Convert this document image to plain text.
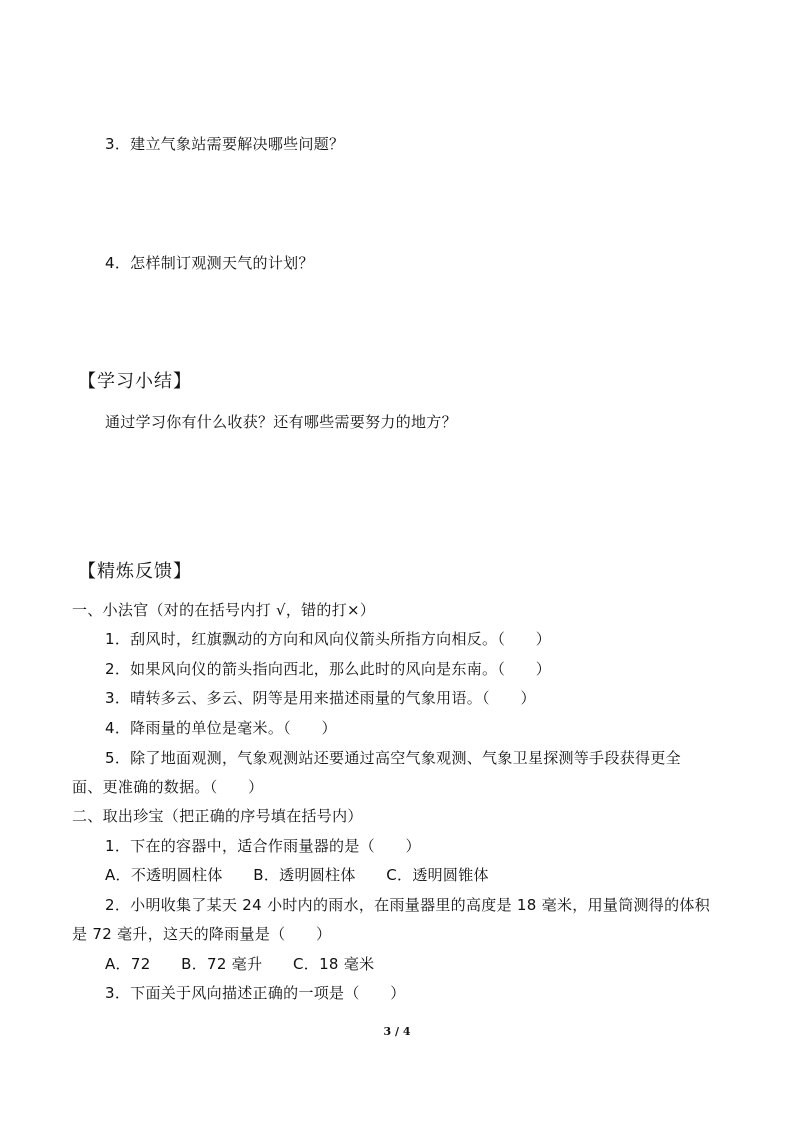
3．建立气象站需要解决哪些问题？
4．怎样制订观测天气的计划？
【学习小结】
通过学习你有什么收获？还有哪些需要努力的地方？
【精炼反馈】
一、小法官（对的在括号内打 √，错的打×）
1．刮风时，红旗飘动的方向和风向仪箭头所指方向相反。（　　）
2．如果风向仪的箭头指向西北，那么此时的风向是东南。（　　）
3．晴转多云、多云、阴等是用来描述雨量的气象用语。（　　）
4．降雨量的单位是毫米。（　　）
5．除了地面观测，气象观测站还要通过高空气象观测、气象卫星探测等手段获得更全
面、更准确的数据。（　　）
二、取出珍宝（把正确的序号填在括号内）
1．下在的容器中，适合作雨量器的是（　　）
A．不透明圆柱体　　B．透明圆柱体　　C．透明圆锥体
2．小明收集了某天 24 小时内的雨水，在雨量器里的高度是 18 毫米，用量筒测得的体积
是 72 毫升，这天的降雨量是（　　）
A．72　　B．72 毫升　　C．18 毫米
3．下面关于风向描述正确的一项是（　　）
3 / 4
